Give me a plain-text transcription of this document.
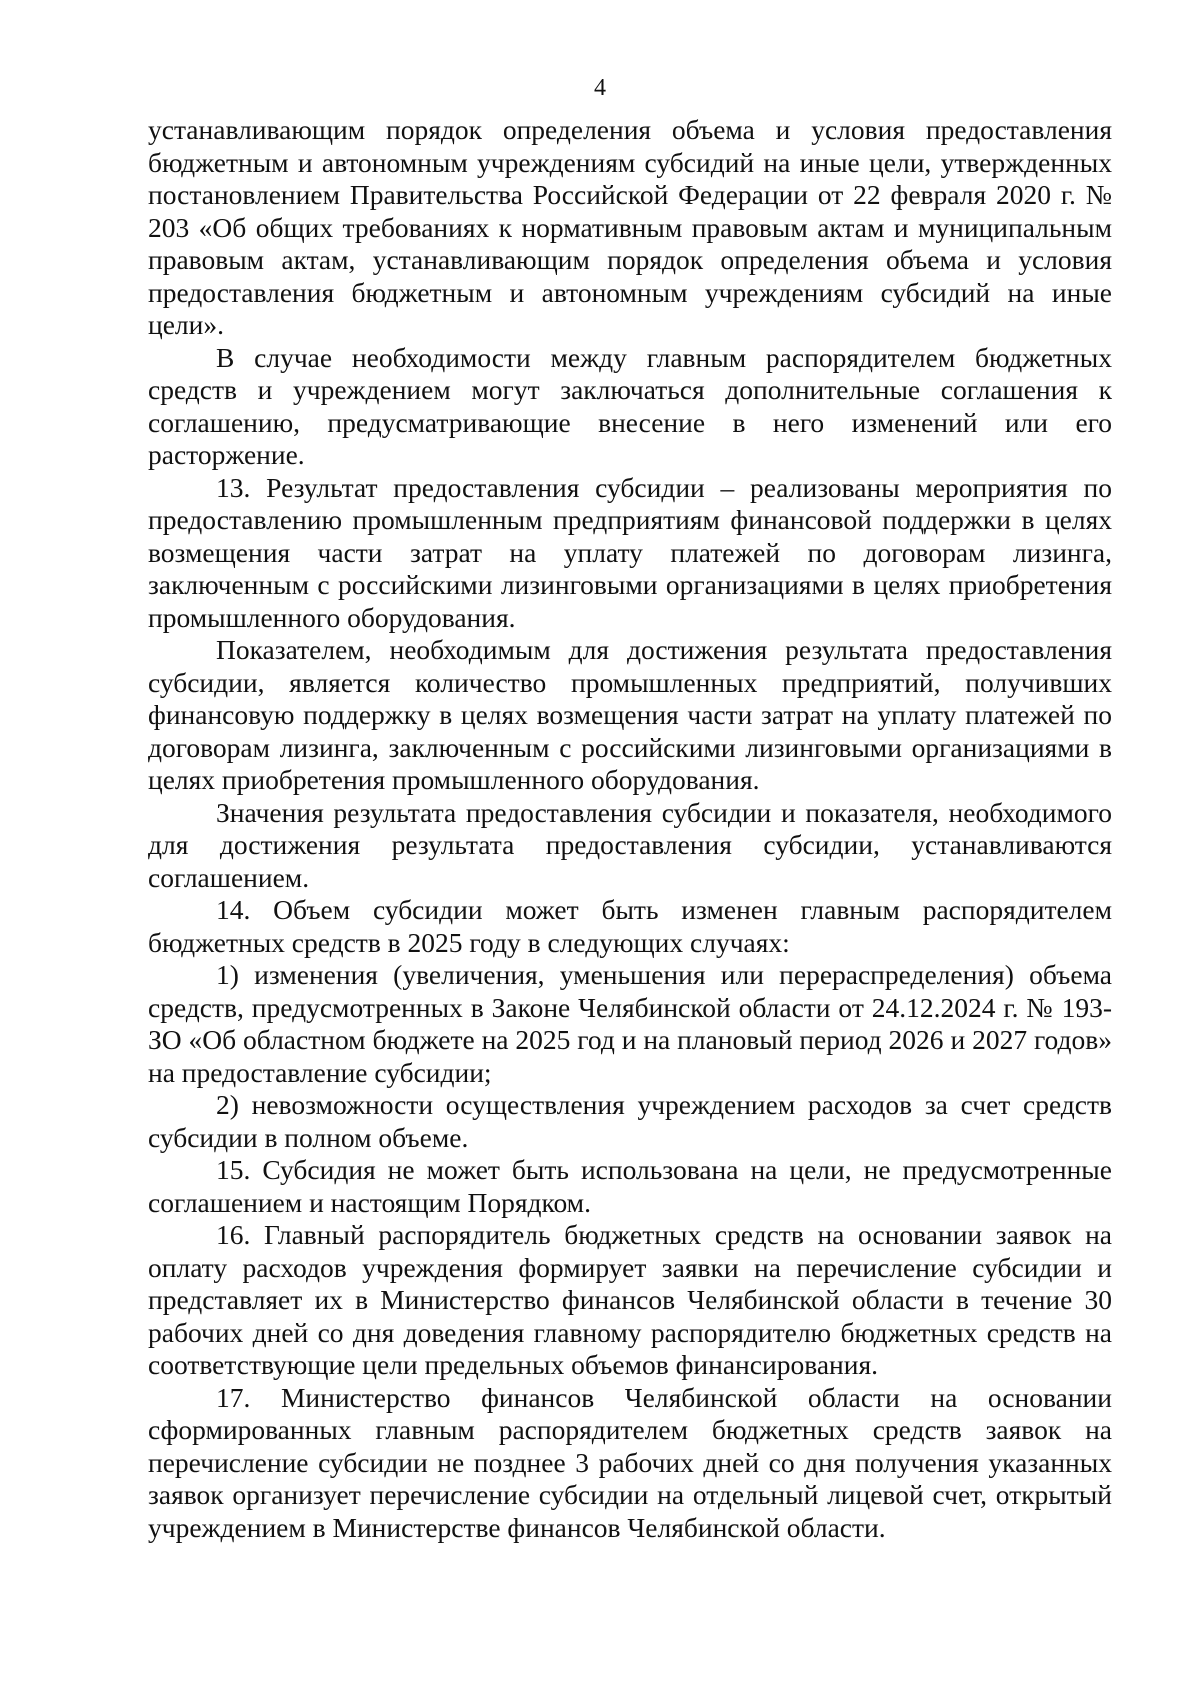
4

устанавливающим порядок определения объема и условия предоставления бюджетным и автономным учреждениям субсидий на иные цели, утвержденных постановлением Правительства Российской Федерации от 22 февраля 2020 г. № 203 «Об общих требованиях к нормативным правовым актам и муниципальным правовым актам, устанавливающим порядок определения объема и условия предоставления бюджетным и автономным учреждениям субсидий на иные цели».

В случае необходимости между главным распорядителем бюджетных средств и учреждением могут заключаться дополнительные соглашения к соглашению, предусматривающие внесение в него изменений или его расторжение.

13. Результат предоставления субсидии – реализованы мероприятия по предоставлению промышленным предприятиям финансовой поддержки в целях возмещения части затрат на уплату платежей по договорам лизинга, заключенным с российскими лизинговыми организациями в целях приобретения промышленного оборудования.

Показателем, необходимым для достижения результата предоставления субсидии, является количество промышленных предприятий, получивших финансовую поддержку в целях возмещения части затрат на уплату платежей по договорам лизинга, заключенным с российскими лизинговыми организациями в целях приобретения промышленного оборудования.

Значения результата предоставления субсидии и показателя, необходимого для достижения результата предоставления субсидии, устанавливаются соглашением.

14. Объем субсидии может быть изменен главным распорядителем бюджетных средств в 2025 году в следующих случаях:

1) изменения (увеличения, уменьшения или перераспределения) объема средств, предусмотренных в Законе Челябинской области от 24.12.2024 г. № 193-ЗО «Об областном бюджете на 2025 год и на плановый период 2026 и 2027 годов» на предоставление субсидии;

2) невозможности осуществления учреждением расходов за счет средств субсидии в полном объеме.

15. Субсидия не может быть использована на цели, не предусмотренные соглашением и настоящим Порядком.

16. Главный распорядитель бюджетных средств на основании заявок на оплату расходов учреждения формирует заявки на перечисление субсидии и представляет их в Министерство финансов Челябинской области в течение 30 рабочих дней со дня доведения главному распорядителю бюджетных средств на соответствующие цели предельных объемов финансирования.

17. Министерство финансов Челябинской области на основании сформированных главным распорядителем бюджетных средств заявок на перечисление субсидии не позднее 3 рабочих дней со дня получения указанных заявок организует перечисление субсидии на отдельный лицевой счет, открытый учреждением в Министерстве финансов Челябинской области.
